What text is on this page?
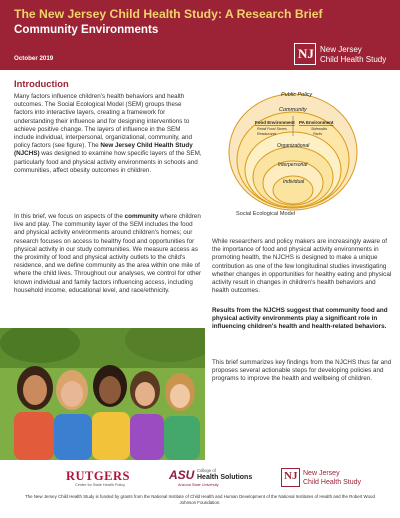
The New Jersey Child Health Study: A Research Brief
Community Environments
October 2019	NJ New Jersey
Child Health Study
Introduction
Many factors influence children's health behaviors and health outcomes. The Social Ecological Model (SEM) groups these factors into interactive layers, creating a framework for understanding their influence and for designing interventions to achieve positive change. The layers of influence in the SEM include individual, interpersonal, organizational, community, and policy factors (see figure). The New Jersey Child Health Study (NJCHS) was designed to examine how specific layers of the SEM, particularly food and physical activity environments in schools and communities, affect obesity outcomes in children.
In this brief, we focus on aspects of the community where children live and play. The community layer of the SEM includes the food and physical activity environments around children's homes; our research focuses on access to healthy food and opportunities for physical activity in our study communities. We measure access as the proximity of food and physical activity outlets to the child's residence, and we define community as the area within one mile of where the child lives. Throughout our analyses, we control for other known individual and family factors influencing access, including household income, educational level, and race/ethnicity.
Public Policy
Community
Food Environment PA Environment
Retail Food Stores Restaurants
Sidewalks Parks
Organizational
Interpersonal
Individual
Social Ecological Model
While researchers and policy makers are increasingly aware of the importance of food and physical activity environments in promoting health, the NJCHS is designed to make a unique contribution as one of the few longitudinal studies investigating whether changes in opportunities for healthy eating and physical activity result in changes in children's health behaviors and health outcomes.
Results from the NJCHS suggest that community food and physical activity environments play a significant role in influencing children's health and health-related behaviors.
This brief summarizes key findings from the NJCHS thus far and proposes several actionable steps for developing policies and programs to improve the health and wellbeing of children.
RUTGERS
Center for State Health Policy
ASU College of
Health Solutions
Arizona State University
NJ New Jersey
Child Health Study
The New Jersey Child Health Study is funded by grants from the National Institute of Child Health and Human Development of the National Institutes of Health and the Robert Wood Johnson Foundation.
